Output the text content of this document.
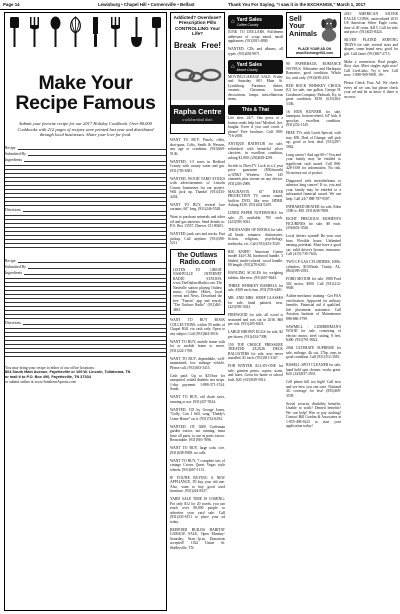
Page 14	Lewisburg • Chapel Hill • Cornersville • Belfast	Thank You For Saying, "I saw it in the EXCHANGE," March 1, 2017
Make Your
Recipe Famous
Submit your favorite recipe for our 2017 Holiday Cookbook. Over 80,000 Cookbooks with 212 pages of recipes were printed last year and distributed through local businesses. Share your love for food.
Recipe
Submitted By
Ingredients
Directions
Recipe
Submitted By
Ingredients
Directions
You may bring your recipe to either of our office locations:
804 South Main Avenue, Fayetteville or 109 W. Lincoln, Tullahoma, TN
or mail it to P.O. Box 490, Fayetteville, TN 37334
or submit online at www.SouthernAprons.com
Addicted? Overdose? Prescription Pills CONTROLLING Your Life?
Break Free!
Rapha Centre
a solid medical clinic
WANT TO BUY: Pistols, rifles, shot-guns, Colts, Smith & Wesson, any age or condition. (931)669-9136.
WANTED, 1-5 acres in Bedford County with county water and gas. (931)703-6381.
WANTED, WOOD YARD STICKS with advertisements of Lincoln County businesses for our project. Will pick up. Thanks! (931)433-4454.
WANT TO BUY, several lace curtains, 60" long. (931)246-5528.
Want to purchase minerals and other oil and gas interests. Send details to: P.O. Box 13557, Denver, CO 80201.
WANTED, junk cars and trucks. Fast pickup. Call anytime. (931)580-5211.
the Outlaws Radio.com
LISTEN TO GREAT NASHVILLE INTERNET RADIO STATION, www.TheOutlawsRadio.com. The Nashville station playing Outlaw music, Golden Oldies, local events and News. Download the free "Tunein" app and search, "The Outlaws Radio". (931)461-4861.
WANT TO BUY BOOK COLLECTIONS, within 50 miles of Chapel Hill, via cash only. Open to any subject. Call (931)364-5016.
WANT TO BUY, mobile home with lot or mobile home to move. (931)224-1768.
WANT TO BUY, dependable, well-maintained, low mileage vehicle. Please call, (931)363-3415.
Cash paid: Up to $25/box for unexpired, sealed diabetic test strips. 1-day payment. 1-888-371-1534. Sarah.
WANT TO BUY, old chain saws, running or not. (931)437-9324.
WANTED, CD by George Jones, "Golly, Can I Sell, song "Daddy's Come Home" on it. (931)732-6294.
WANTED, OT 3000 Craftsman garden tractor, not running, must have all parts, to use as parts tractor. Reasonable. (931)916-7696.
WANT TO BUY, large sofa; rice. (931)638-8308. no calls.
WANT TO BUY, 7 complete sets of vintage Crown Quest Vegas style wheels. (931)607-1113.
IF YOU'RE BUYING A NEW APPLIANCE, I'll buy your old one. Also, want to buy good used furniture. (931)244-8237.
YARD SALE TIME IS COMING: For only $12 for 20 words, you can reach over 80,000 people to advertise your yard sale. Call (931)433-6151 to place your ad today.
BEDFORD BUILDS HABITAT GARAGE SALE, Open Monday-Saturday, 9a.m.-1p.m. Donations accepted! 1022 Union St. Shelbyville, TN.
⌂ Yard Sales
Coffee County
JUNK TO DOLLARS, Fulfilment addresses of scrap metal, small appliances. (931)581-4800.
WANTED, CDs and albums, all types. (931)450-9071.
⌂ Yard Sales
Moore County
MOVING/GARAGE SALE: Friday and Saturday, 601 Main St. Lynchburg. Furniture, dishes, ceramic, Christmas house decorations, lamps, miscellaneous items.
This & That
Life alert. 24/7. One press of a button sends help fast! Medical, fire, burglar. Even if you can't reach a phone! Free brochure. Call: 800-716-2658.
ANTIQUE BATHTUB for sale, refinished with beautiful silver clawfeet, in excellent condition, asking $1,000. (256)828-4291.
Switch to DirecTV. Lock in a 2 year price guarantee ($50/month) w/AT&T Wireless. Over 145 channels plus stream on any device. (931)203-2900.
MAGNAVOX 61" REAR PROJECTION TV, stereo sound, built-in DVD, like new, HDMI. Asking $150. (931)434-5209.
LINED PAPER NOTEBOOKS for sale, 25 available, 70¢ each. (423)583-3023.
THOUSANDS OF BOOKS for sale, all kinds: romance, dictionaries, fiction, religious, psychology, textbooks, etc. Call (931)433-3529.
BIG KNIFE! American Centre model 444-CM, hardwood handle, 3 bladed, multi-colored, wood handle, 80 length. (931)270-6201.
HANGING SCALES for weighing rabbits, like new. (931)607-0643.
THREE WHISKEY BARRELS for sale, $100 each firm. (931)703-6481.
MR. AND MRS. WIMP GLASSES for sale, hand painted, new. (423)583-3023.
FIREWOOD for sale, all wood is seasoned and was cut in 2016. $60 per rick. (931)205-8401.
LARGE BROWN EGGS for sale, $2 per dozen. (931)434-7398.
150 TOP CHOICE PRESSURE TREATED 2X2X26 DECK BALUSTERS for sale, new never installed. $1 each. (931)581-3167.
FOR WINTER ALL-IN-ONE for sale, greatest prints, copies, scans, and faxes. Great for home or school kids. $20. (615)949-5012.
Sell Your Animals
PLACE YOUR AD ON www.Exchange931.com
90 PAPERBACK ROMANCE NOVELS, Silhouette and Harlequin Romance, good condition. Whole lot, cash only. (931)638-4321.
RED ROCK WHISKEY CROCK (U) for sale, one gallon, George H. Goodman Company, Paducah, Ky, in great condition. $150. (615)364-5336.
16 HUB RUNNER for sale, hamepost, bottom-wheel, 64" hub, 6 sprocket, excellent condition. (931)252-1145.
FREE TVs with Leach Special, with tray, $50. Deal of Change, will pick up, good or best deal. (931)297-5062.
Lung cancer? And age 60+? You and your family may be entitled to significant cash award. Call 866-428-1639 for information. No risk. No money out of pocket.
Diagnosed with mesothelioma or asbestos lung cancer? If so, you and your family may be entitled to a substantial financial award. We can help. Call 24/7 888-787-9587.
INFRARED HEATER for sale, Eden 1500 w. $50. (931)638-7808.
EIGHT PRECIOUS MOMENTS FIGURINES for sale, $8 each. (256)652-3526.
Local drivers wanted! Be your own boss. Flexible hours. Unlimited earning potential. Must have a good car, valid driver's license, insurance. Call (415)-730-7643.
TWO LP GAS CYLINDERS, 100lb. cylinders, $150/both. Trinity, AL. (864)399-2933.
FORD MOTOR for sale, 1988 Ford 302 motor, $500. Call (931)212-9949.
Airline mechanic training - Get FAA certification. Approved for military benefits. Financial aid if qualified. Job placement assistance. Call Aviation Institute of Maintenance 888-686-1799.
SAWMILL - LUMBERMAN'S WOOD for sale, consisting of electric motor, steel cutting, 8 feet, $400. (931)701-8022.
2004 ULTIMATE SUPREME for sale, mileage, 4k cut, 27hp, runs in good condition. Call (931)312-3581.
BISSELL SPOT CLEANER for sale, hand held spot cleaner, works great. $20. (423)837-2931.
Cell phone bill too high? Call now and see how you can save. National 4G coverage for less! (855)469-3539.
Social security disability benefits. Unable to work? Denied benefits? We can help! Win or pay nothing! Contact Bill Gordon & Associates at 1-855-498-6323 to start your application today!
2015 AMERICAN SILVER EAGLE COINS, uncirculated 2015 US American Silver Eagle coins, time of 20 coins. $415. Call for info and price. (931)625-8424.
SILVER PLATED SERVING TRAYS for sale, several sizes and shapes, some brand new; good for gift. Call Janet. (931)967-2715.
Make a connection. Real people, flirty chat. Meet singles right now! Call LiveLinks. Try it free. Call now: 1-888-909-9905, 18+.
Please Check Your Ad: We check every ad we can, but please check your ad and let us know if there is an error.
